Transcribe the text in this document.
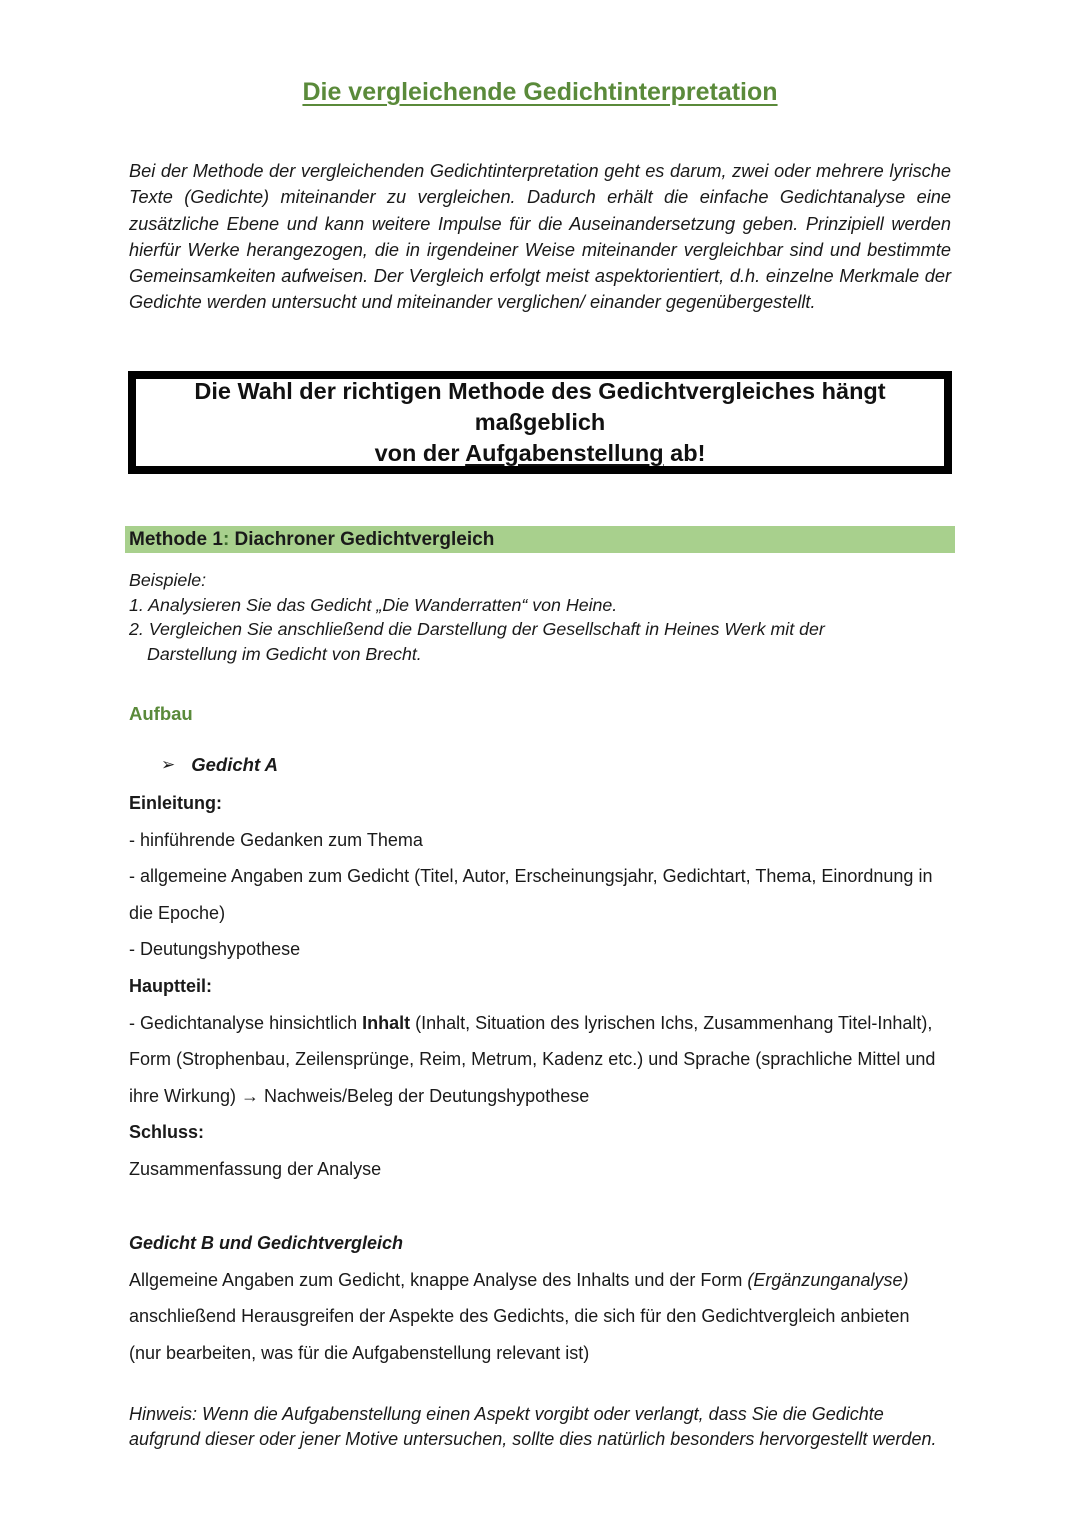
Die vergleichende Gedichtinterpretation

Bei der Methode der vergleichenden Gedichtinterpretation geht es darum, zwei oder mehrere lyrische Texte (Gedichte) miteinander zu vergleichen. Dadurch erhält die einfache Gedichtanalyse eine zusätzliche Ebene und kann weitere Impulse für die Auseinandersetzung geben. Prinzipiell werden hierfür Werke herangezogen, die in irgendeiner Weise miteinander vergleichbar sind und bestimmte Gemeinsamkeiten aufweisen. Der Vergleich erfolgt meist aspektorientiert, d.h. einzelne Merkmale der Gedichte werden untersucht und miteinander verglichen/ einander gegenübergestellt.

Die Wahl der richtigen Methode des Gedichtvergleiches hängt maßgeblich
von der Aufgabenstellung ab!
Methode 1: Diachroner Gedichtvergleich
Beispiele:
1. Analysieren Sie das Gedicht „Die Wanderratten“ von Heine.
2. Vergleichen Sie anschließend die Darstellung der Gesellschaft in Heines Werk mit der
Darstellung im Gedicht von Brecht.
Aufbau
➢ Gedicht A
Einleitung:
- hinführende Gedanken zum Thema
- allgemeine Angaben zum Gedicht (Titel, Autor, Erscheinungsjahr, Gedichtart, Thema, Einordnung in
die Epoche)
- Deutungshypothese
Hauptteil:
- Gedichtanalyse hinsichtlich Inhalt (Inhalt, Situation des lyrischen Ichs, Zusammenhang Titel-Inhalt),
Form (Strophenbau, Zeilensprünge, Reim, Metrum, Kadenz etc.) und Sprache (sprachliche Mittel und
ihre Wirkung) → Nachweis/Beleg der Deutungshypothese
Schluss:
Zusammenfassung der Analyse
Gedicht B und Gedichtvergleich
Allgemeine Angaben zum Gedicht, knappe Analyse des Inhalts und der Form (Ergänzunganalyse)
anschließend Herausgreifen der Aspekte des Gedichts, die sich für den Gedichtvergleich anbieten
(nur bearbeiten, was für die Aufgabenstellung relevant ist)
Hinweis: Wenn die Aufgabenstellung einen Aspekt vorgibt oder verlangt, dass Sie die Gedichte
aufgrund dieser oder jener Motive untersuchen, sollte dies natürlich besonders hervorgestellt werden.
